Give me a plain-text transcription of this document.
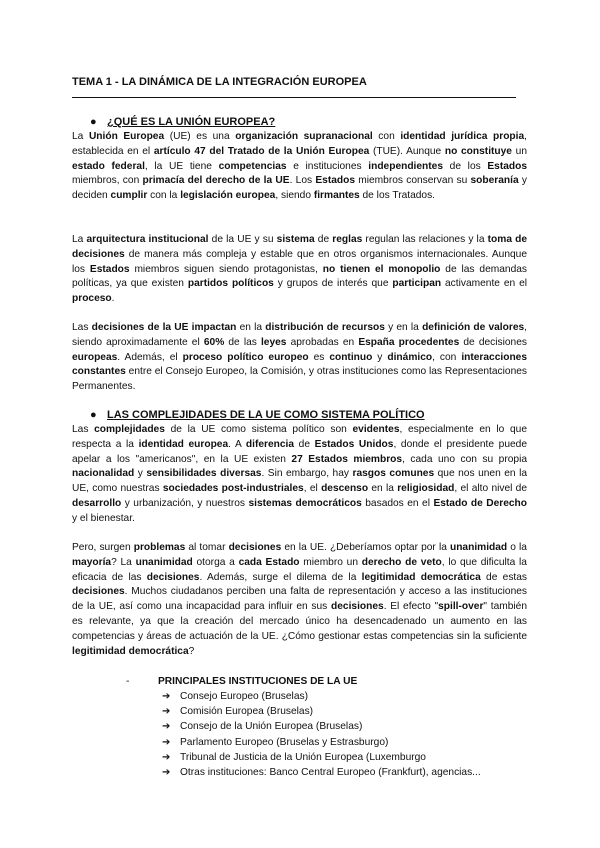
TEMA 1 - LA DINÁMICA DE LA INTEGRACIÓN EUROPEA
● ¿QUÉ ES LA UNIÓN EUROPEA?

La Unión Europea (UE) es una organización supranacional con identidad jurídica propia, establecida en el artículo 47 del Tratado de la Unión Europea (TUE). Aunque no constituye un estado federal, la UE tiene competencias e instituciones independientes de los Estados miembros, con primacía del derecho de la UE. Los Estados miembros conservan su soberanía y deciden cumplir con la legislación europea, siendo firmantes de los Tratados.

La arquitectura institucional de la UE y su sistema de reglas regulan las relaciones y la toma de decisiones de manera más compleja y estable que en otros organismos internacionales. Aunque los Estados miembros siguen siendo protagonistas, no tienen el monopolio de las demandas políticas, ya que existen partidos políticos y grupos de interés que participan activamente en el proceso.

Las decisiones de la UE impactan en la distribución de recursos y en la definición de valores, siendo aproximadamente el 60% de las leyes aprobadas en España procedentes de decisiones europeas. Además, el proceso político europeo es continuo y dinámico, con interacciones constantes entre el Consejo Europeo, la Comisión, y otras instituciones como las Representaciones Permanentes.

● LAS COMPLEJIDADES DE LA UE COMO SISTEMA POLÍTICO

Las complejidades de la UE como sistema político son evidentes, especialmente en lo que respecta a la identidad europea. A diferencia de Estados Unidos, donde el presidente puede apelar a los "americanos", en la UE existen 27 Estados miembros, cada uno con su propia nacionalidad y sensibilidades diversas. Sin embargo, hay rasgos comunes que nos unen en la UE, como nuestras sociedades post-industriales, el descenso en la religiosidad, el alto nivel de desarrollo y urbanización, y nuestros sistemas democráticos basados en el Estado de Derecho y el bienestar.

Pero, surgen problemas al tomar decisiones en la UE. ¿Deberíamos optar por la unanimidad o la mayoría? La unanimidad otorga a cada Estado miembro un derecho de veto, lo que dificulta la eficacia de las decisiones. Además, surge el dilema de la legitimidad democrática de estas decisiones. Muchos ciudadanos perciben una falta de representación y acceso a las instituciones de la UE, así como una incapacidad para influir en sus decisiones. El efecto "spill-over" también es relevante, ya que la creación del mercado único ha desencadenado un aumento en las competencias y áreas de actuación de la UE. ¿Cómo gestionar estas competencias sin la suficiente legitimidad democrática?

-	PRINCIPALES INSTITUCIONES DE LA UE

➔ Consejo Europeo (Bruselas)
➔ Comisión Europea (Bruselas)
➔ Consejo de la Unión Europea (Bruselas)
➔ Parlamento Europeo (Bruselas y Estrasburgo)
➔ Tribunal de Justicia de la Unión Europea (Luxemburgo
➔ Otras instituciones: Banco Central Europeo (Frankfurt), agencias...
